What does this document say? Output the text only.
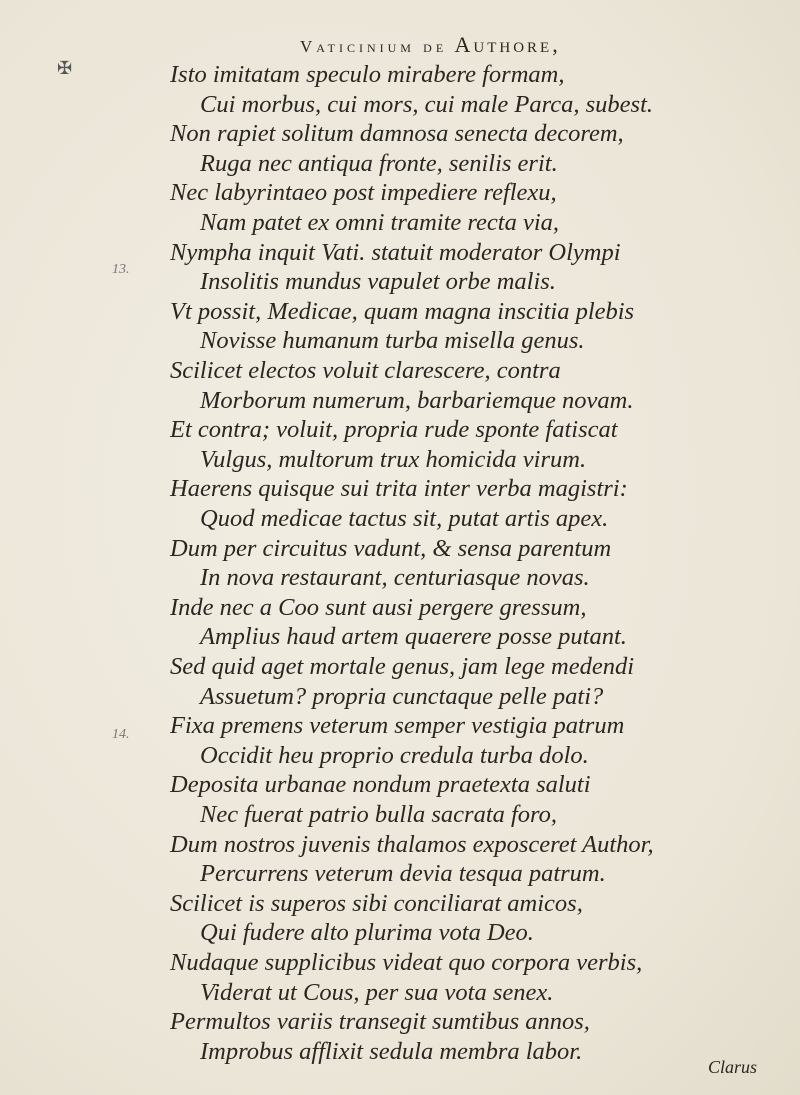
Vaticinium de Authore,
✠
13.
14.
Isto imitatam speculo mirabere formam,
Cui morbus, cui mors, cui male Parca, subest.
Non rapiet solitum damnosa senecta decorem,
Ruga nec antiqua fronte, senilis erit.
Nec labyrintaeo post impediere reflexu,
Nam patet ex omni tramite recta via,
Nympha inquit Vati. statuit moderator Olympi
Insolitis mundus vapulet orbe malis.
Vt possit, Medicae, quam magna inscitia plebis
Novisse humanum turba misella genus.
Scilicet electos voluit clarescere, contra
Morborum numerum, barbariemque novam.
Et contra; voluit, propria rude sponte fatiscat
Vulgus, multorum trux homicida virum.
Haerens quisque sui trita inter verba magistri:
Quod medicae tactus sit, putat artis apex.
Dum per circuitus vadunt, & sensa parentum
In nova restaurant, centuriasque novas.
Inde nec a Coo sunt ausi pergere gressum,
Amplius haud artem quaerere posse putant.
Sed quid aget mortale genus, jam lege medendi
Assuetum? propria cunctaque pelle pati?
Fixa premens veterum semper vestigia patrum
Occidit heu proprio credula turba dolo.
Deposita urbanae nondum praetexta saluti
Nec fuerat patrio bulla sacrata foro,
Dum nostros juvenis thalamos exposceret Author,
Percurrens veterum devia tesqua patrum.
Scilicet is superos sibi conciliarat amicos,
Qui fudere alto plurima vota Deo.
Nudaque supplicibus videat quo corpora verbis,
Viderat ut Cous, per sua vota senex.
Permultos variis transegit sumtibus annos,
Improbus afflixit sedula membra labor.
Clarus
